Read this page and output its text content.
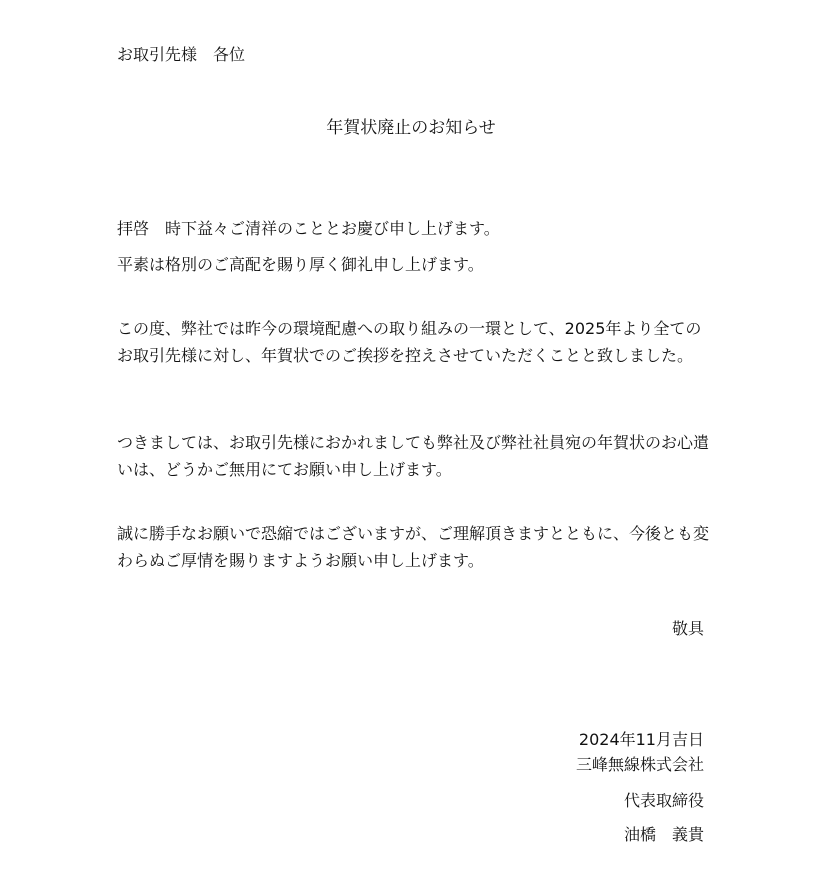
お取引先様　各位

年賀状廃止のお知らせ

拝啓　時下益々ご清祥のこととお慶び申し上げます。

平素は格別のご高配を賜り厚く御礼申し上げます。

この度、弊社では昨今の環境配慮への取り組みの一環として、2025年より全てのお取引先様に対し、年賀状でのご挨拶を控えさせていただくことと致しました。

つきましては、お取引先様におかれましても弊社及び弊社社員宛の年賀状のお心遣いは、どうかご無用にてお願い申し上げます。

誠に勝手なお願いで恐縮ではございますが、ご理解頂きますとともに、今後とも変わらぬご厚情を賜りますようお願い申し上げます。

敬具

2024年11月吉日

三峰無線株式会社

代表取締役

油橋　義貴
